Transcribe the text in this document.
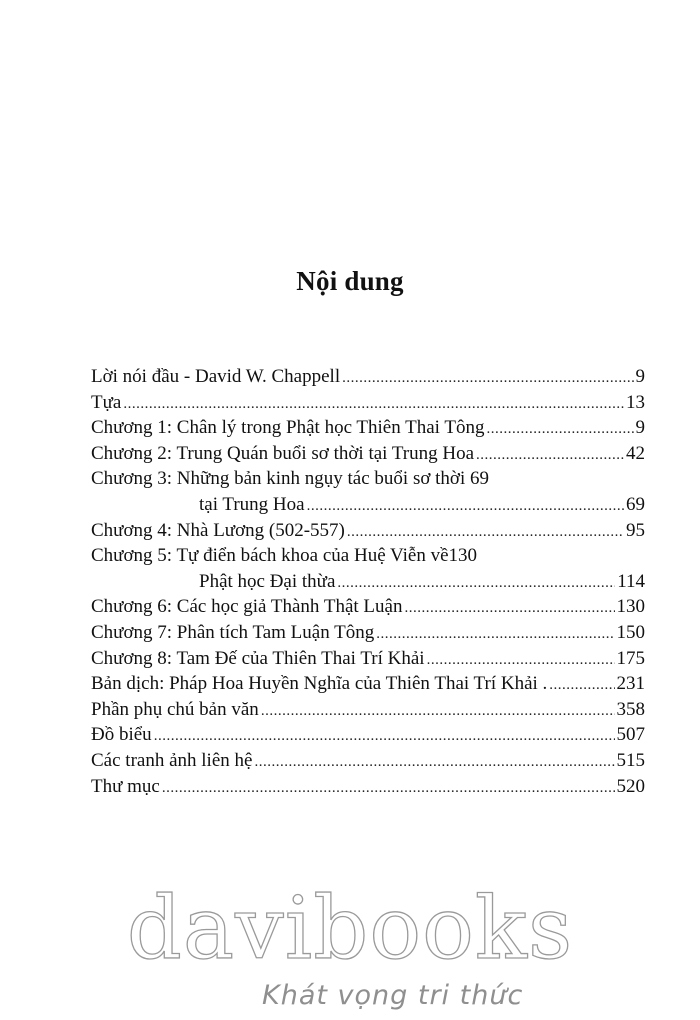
Nội dung
Lời nói đầu - David W. Chappell .....	9
Tựa .....	13
Chương 1: Chân lý trong Phật học Thiên Thai Tông .....	9
Chương 2: Trung Quán buổi sơ thời tại Trung Hoa .....	42
Chương 3: Những bản kinh ngụy tác buổi sơ thời 69
tại Trung Hoa .....	69
Chương 4: Nhà Lương (502-557) .....	95
Chương 5: Tự điển bách khoa của Huệ Viễn về130
Phật học Đại thừa .....	114
Chương 6: Các học giả Thành Thật Luận .....	130
Chương 7: Phân tích Tam Luận Tông .....	150
Chương 8: Tam Đế của Thiên Thai Trí Khải .....	175
Bản dịch: Pháp Hoa Huyền Nghĩa của Thiên Thai Trí Khải . .....	231
Phần phụ chú bản văn .....	358
Đồ biểu .....	507
Các tranh ảnh liên hệ .....	515
Thư mục .....	520
davibooks
Khát vọng tri thức
